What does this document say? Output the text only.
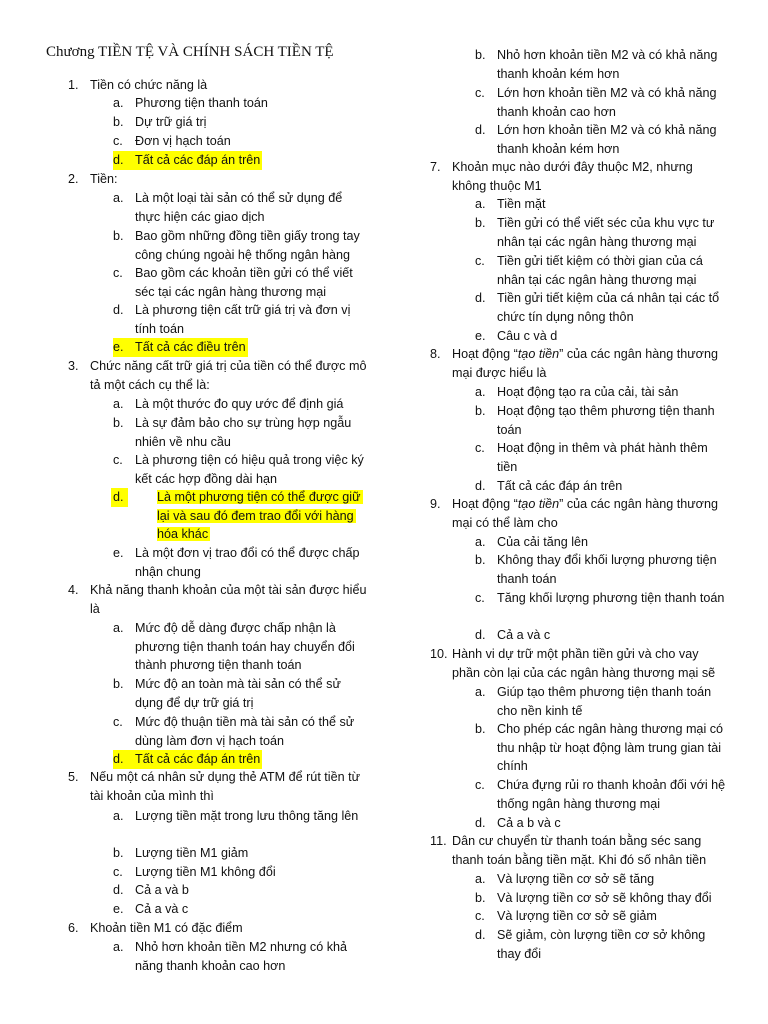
Chương TIỀN TỆ VÀ CHÍNH SÁCH TIỀN TỆ
1. Tiền có chức năng là
a. Phương tiện thanh toán
b. Dự trữ giá trị
c. Đơn vị hạch toán
d. Tất cả các đáp án trên
2. Tiền:
a. Là một loại tài sản có thể sử dụng để thực hiện các giao dịch
b. Bao gồm những đồng tiền giấy trong tay công chúng ngoài hệ thống ngân hàng
c. Bao gồm các khoản tiền gửi có thể viết séc tại các ngân hàng thương mại
d. Là phương tiện cất trữ giá trị và đơn vị tính toán
e. Tất cả các điều trên
3. Chức năng cất trữ giá trị của tiền có thể được mô tả một cách cụ thể là:
a. Là một thước đo quy ước để định giá
b. Là sự đảm bảo cho sự trùng hợp ngẫu nhiên về nhu cầu
c. Là phương tiện có hiệu quả trong việc ký kết các hợp đồng dài hạn
d.	Là một phương tiện có thể được giữ lại và sau đó đem trao đổi với hàng hóa khác
e. Là một đơn vị trao đổi có thể được chấp nhận chung
4. Khả năng thanh khoản của một tài sản được hiểu là
a. Mức độ dễ dàng được chấp nhận là phương tiện thanh toán hay chuyển đổi thành phương tiện thanh toán
b. Mức độ an toàn mà tài sản có thể sử dụng để dự trữ giá trị
c. Mức độ thuận tiền mà tài sản có thể sử dùng làm đơn vị hạch toán
d. Tất cả các đáp án trên
5. Nếu một cá nhân sử dụng thẻ ATM để rút tiền từ tài khoản của mình thì
a. Lượng tiền mặt trong lưu thông tăng lên
b. Lượng tiền M1 giảm
c. Lượng tiền M1 không đổi
d. Cả a và b
e. Cả a và c
6. Khoản tiền M1 có đặc điểm
a. Nhỏ hơn khoản tiền M2 nhưng có khả năng thanh khoản cao hơn
b. Nhỏ hơn khoản tiền M2 và có khả năng thanh khoản kém hơn
c. Lớn hơn khoản tiền M2 và có khả năng thanh khoản cao hơn
d. Lớn hơn khoản tiền M2 và có khả năng thanh khoản kém hơn
7. Khoản mục nào dưới đây thuộc M2, nhưng không thuộc M1
a. Tiền mặt
b. Tiền gửi có thể viết séc của khu vực tư nhân tại các ngân hàng thương mại
c. Tiền gửi tiết kiệm có thời gian của cá nhân tại các ngân hàng thương mại
d. Tiền gửi tiết kiệm của cá nhân tại các tổ chức tín dụng nông thôn
e. Câu c và d
8. Hoạt động “tạo tiền” của các ngân hàng thương mại được hiểu là
a. Hoạt động tạo ra của cải, tài sản
b. Hoạt động tạo thêm phương tiện thanh toán
c. Hoạt động in thêm và phát hành thêm tiền
d. Tất cả các đáp án trên
9. Hoạt động “tạo tiền” của các ngân hàng thương mại có thể làm cho
a. Của cải tăng lên
b. Không thay đổi khối lượng phương tiện thanh toán
c. Tăng khối lượng phương tiện thanh toán
d. Cả a và c
10. Hành vi dự trữ một phần tiền gửi và cho vay phần còn lại của các ngân hàng thương mại sẽ
a. Giúp tạo thêm phương tiện thanh toán cho nền kinh tế
b. Cho phép các ngân hàng thương mại có thu nhập từ hoạt động làm trung gian tài chính
c. Chứa đựng rủi ro thanh khoản đối với hệ thống ngân hàng thương mại
d. Cả a b và c
11. Dân cư chuyển từ thanh toán bằng séc sang thanh toán bằng tiền mặt. Khi đó số nhân tiền
a. Và lượng tiền cơ sở sẽ tăng
b. Và lượng tiền cơ sở sẽ không thay đổi
c. Và lượng tiền cơ sở sẽ giảm
d. Sẽ giảm, còn lượng tiền cơ sở không thay đổi
